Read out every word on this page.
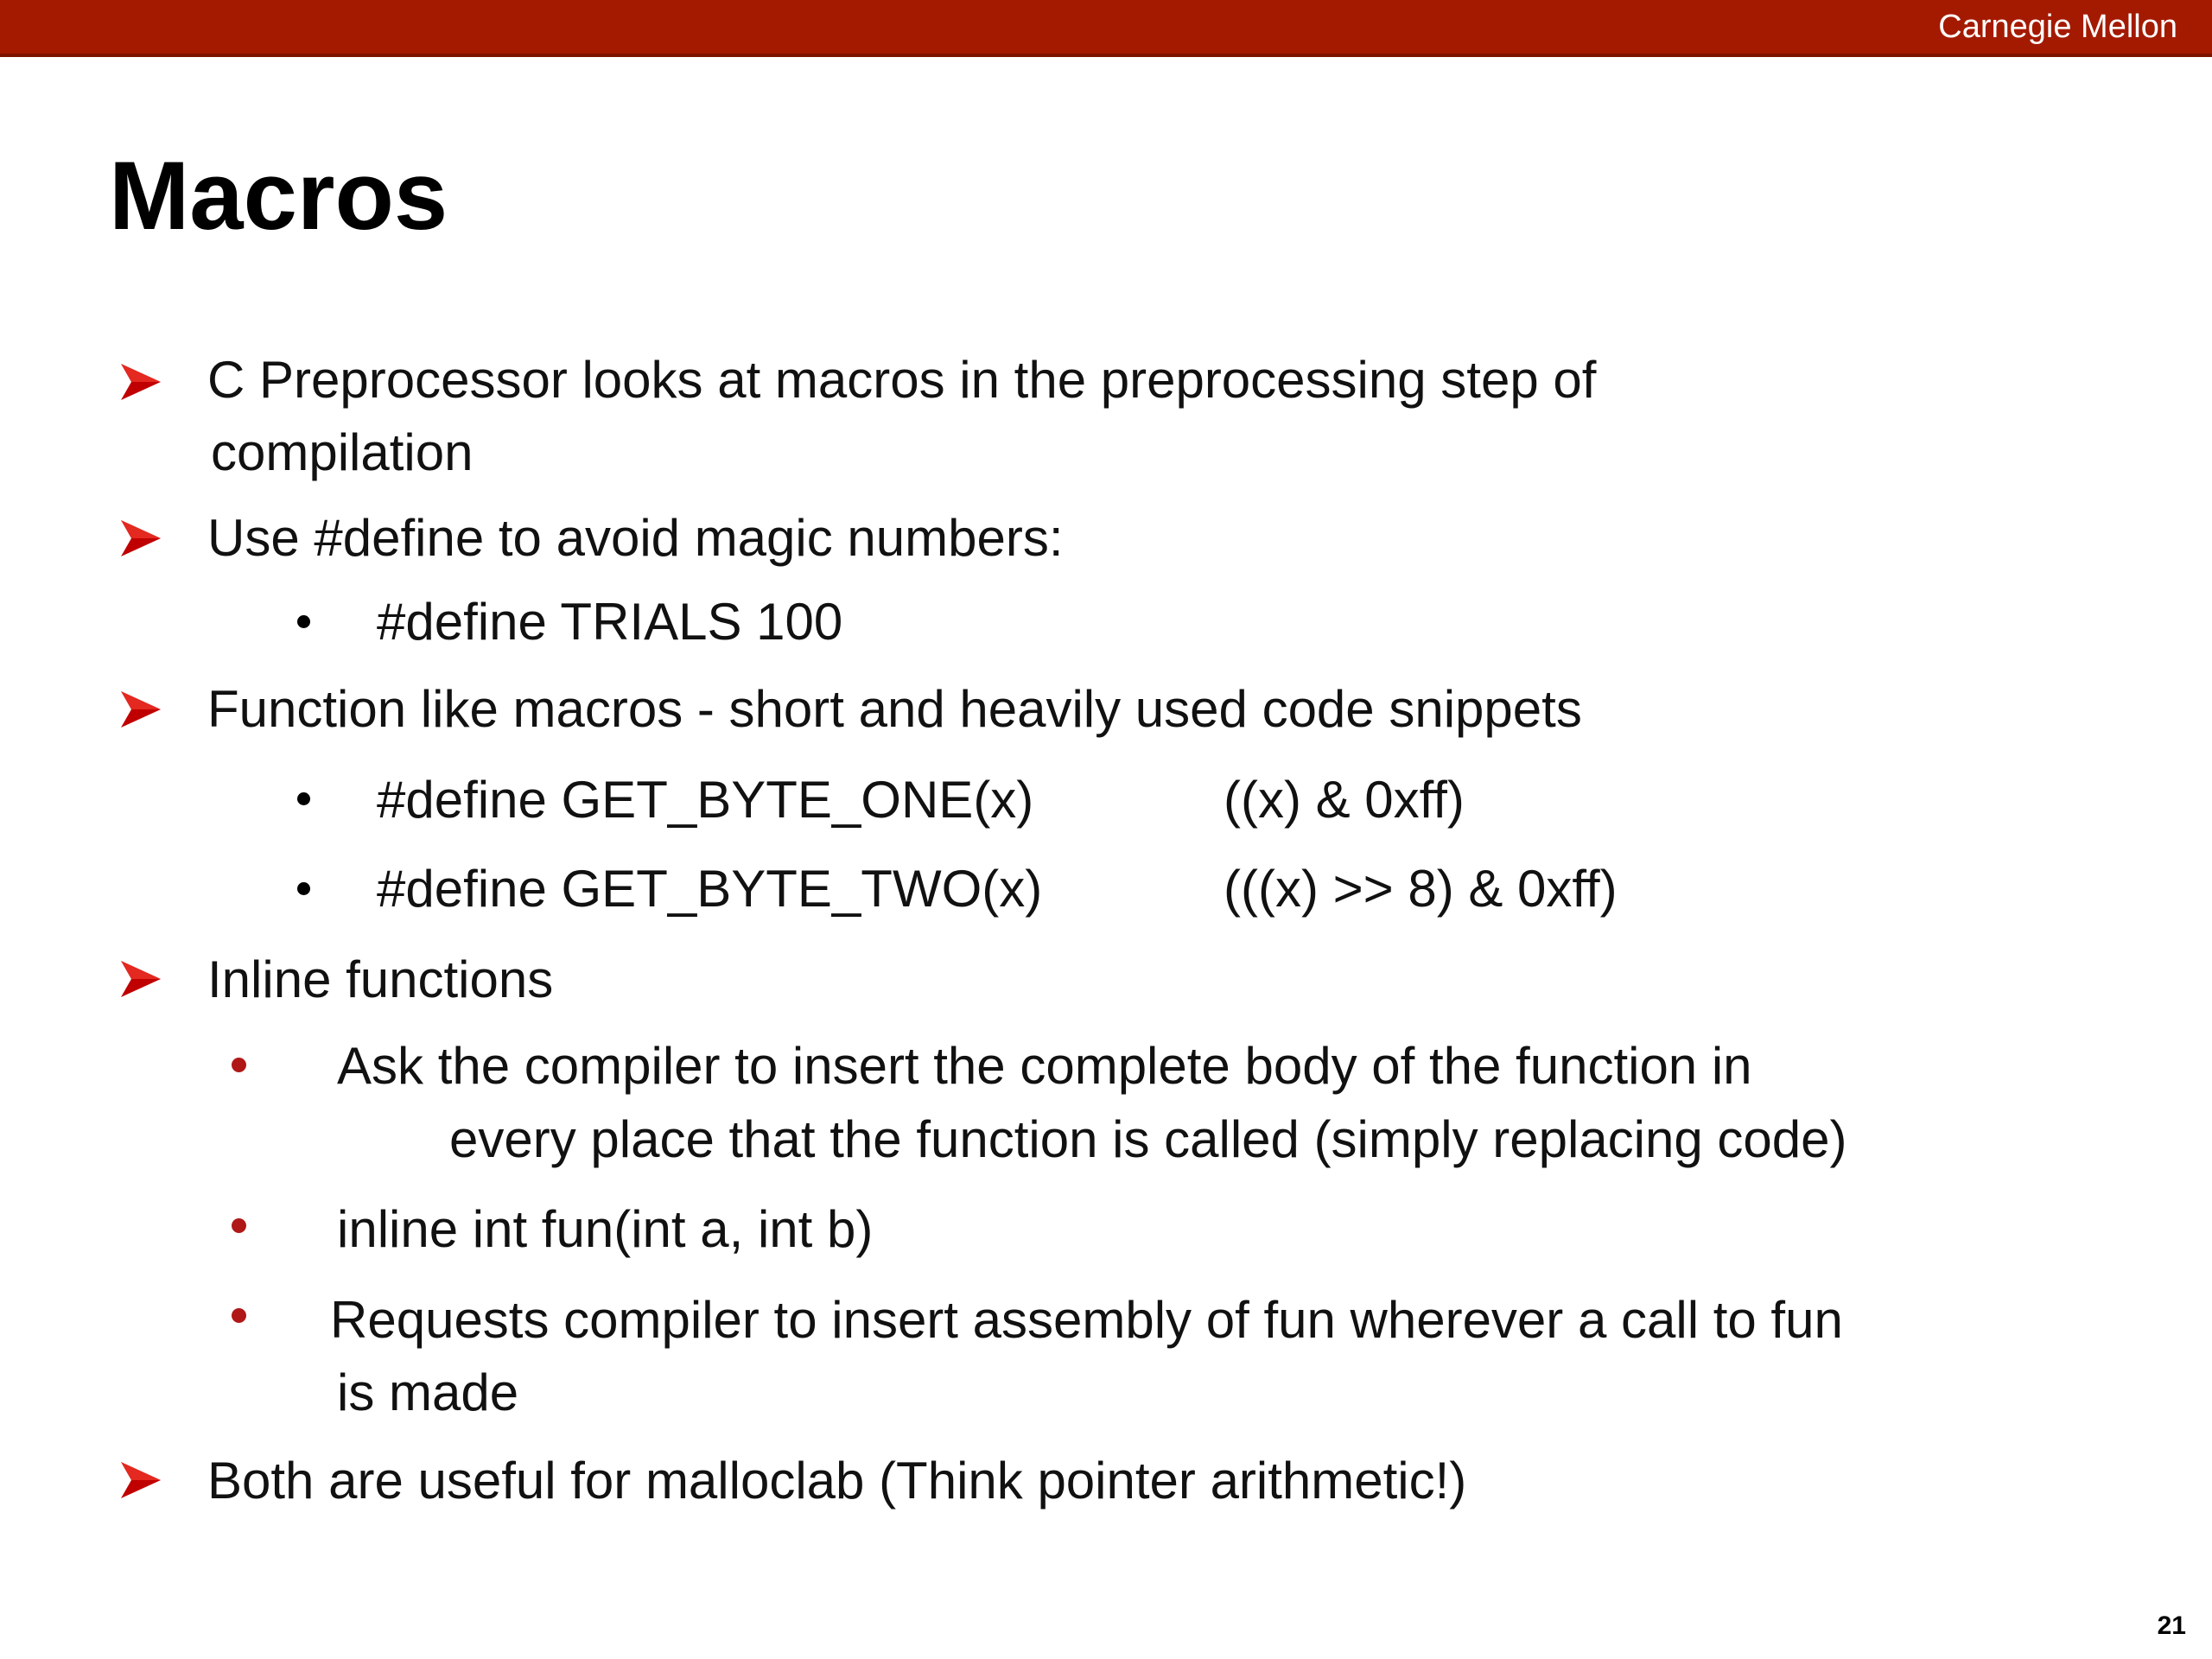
Carnegie Mellon
Macros
C Preprocessor looks at macros in the preprocessing step of
compilation
Use #define to avoid magic numbers:
#define TRIALS 100
Function like macros - short and heavily used code snippets
#define GET_BYTE_ONE(x)	((x) & 0xff)
#define GET_BYTE_TWO(x)	(((x) >> 8) & 0xff)
Inline functions
Ask the compiler to insert the complete body of the function in
every place that the function is called (simply replacing code)
inline int fun(int a, int b)
Requests compiler to insert assembly of fun wherever a call to fun
is made
Both are useful for malloclab (Think pointer arithmetic!)
21
